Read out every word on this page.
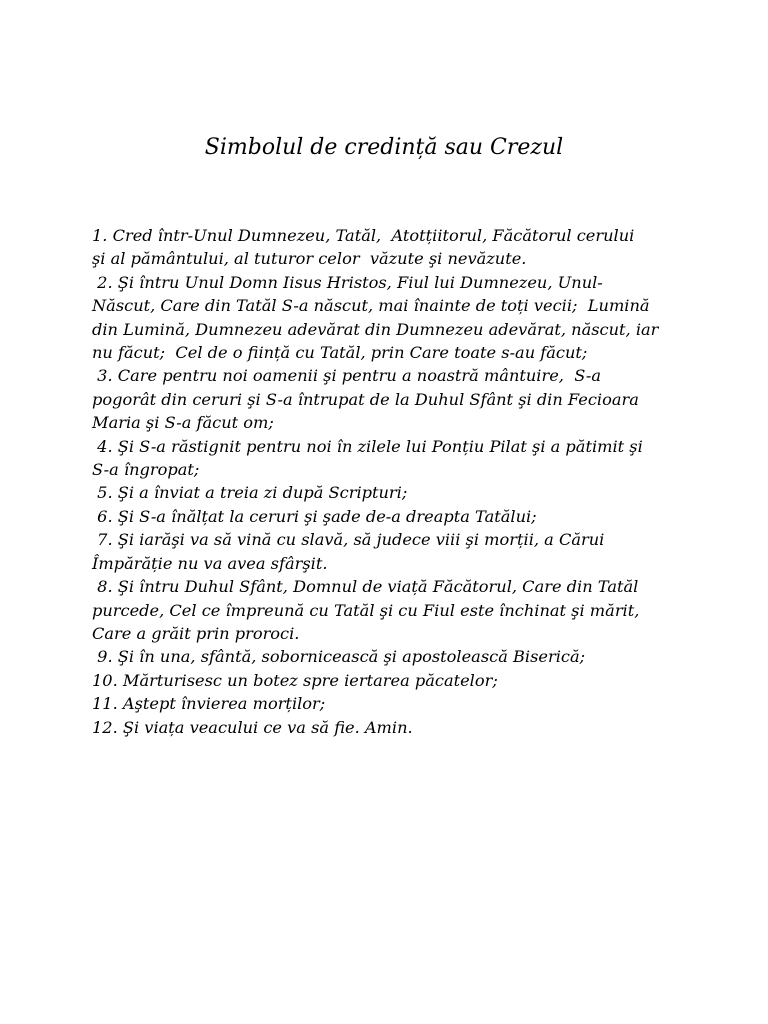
Simbolul de credință sau Crezul
1. Cred într-Unul Dumnezeu, Tatăl,  Atotțiitorul, Făcătorul cerului
şi al pământului, al tuturor celor  văzute şi nevăzute.
2. Şi întru Unul Domn Iisus Hristos, Fiul lui Dumnezeu, Unul-
Născut, Care din Tatăl S-a născut, mai înainte de toți vecii;  Lumină
din Lumină, Dumnezeu adevărat din Dumnezeu adevărat, născut, iar
nu făcut;  Cel de o ființă cu Tatăl, prin Care toate s-au făcut;
3. Care pentru noi oamenii şi pentru a noastră mântuire,  S-a
pogorât din ceruri şi S-a întrupat de la Duhul Sfânt şi din Fecioara
Maria şi S-a făcut om;
4. Şi S-a răstignit pentru noi în zilele lui Ponțiu Pilat şi a pătimit şi
S-a îngropat;
5. Şi a înviat a treia zi după Scripturi;
6. Şi S-a înălțat la ceruri şi şade de-a dreapta Tatălui;
7. Şi iarăşi va să vină cu slavă, să judece viii şi morții, a Cărui
Împărăție nu va avea sfârşit.
8. Şi întru Duhul Sfânt, Domnul de viață Făcătorul, Care din Tatăl
purcede, Cel ce împreună cu Tatăl şi cu Fiul este închinat şi mărit,
Care a grăit prin proroci.
9. Şi în una, sfântă, sobornicească şi apostolească Biserică;
10. Mărturisesc un botez spre iertarea păcatelor;
11. Aştept învierea morților;
12. Şi viața veacului ce va să fie. Amin.
